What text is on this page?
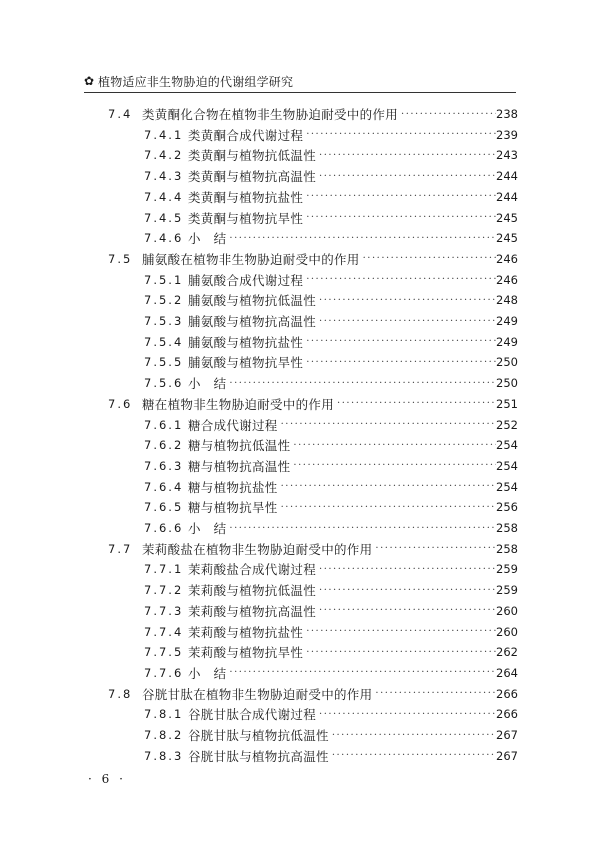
✿ 植物适应非生物胁迫的代谢组学研究
7.4 类黄酮化合物在植物非生物胁迫耐受中的作用 ·····	238
7.4.1 类黄酮合成代谢过程 ·····	239
7.4.2 类黄酮与植物抗低温性 ·····	243
7.4.3 类黄酮与植物抗高温性 ·····	244
7.4.4 类黄酮与植物抗盐性 ·····	244
7.4.5 类黄酮与植物抗旱性 ·····	245
7.4.6 小　结 ·····	245
7.5 脯氨酸在植物非生物胁迫耐受中的作用 ·····	246
7.5.1 脯氨酸合成代谢过程 ·····	246
7.5.2 脯氨酸与植物抗低温性 ·····	248
7.5.3 脯氨酸与植物抗高温性 ·····	249
7.5.4 脯氨酸与植物抗盐性 ·····	249
7.5.5 脯氨酸与植物抗旱性 ·····	250
7.5.6 小　结 ·····	250
7.6 糖在植物非生物胁迫耐受中的作用 ·····	251
7.6.1 糖合成代谢过程 ·····	252
7.6.2 糖与植物抗低温性 ·····	254
7.6.3 糖与植物抗高温性 ·····	254
7.6.4 糖与植物抗盐性 ·····	254
7.6.5 糖与植物抗旱性 ·····	256
7.6.6 小　结 ·····	258
7.7 茉莉酸盐在植物非生物胁迫耐受中的作用 ·····	258
7.7.1 茉莉酸盐合成代谢过程 ·····	259
7.7.2 茉莉酸与植物抗低温性 ·····	259
7.7.3 茉莉酸与植物抗高温性 ·····	260
7.7.4 茉莉酸与植物抗盐性 ·····	260
7.7.5 茉莉酸与植物抗旱性 ·····	262
7.7.6 小　结 ·····	264
7.8 谷胱甘肽在植物非生物胁迫耐受中的作用 ·····	266
7.8.1 谷胱甘肽合成代谢过程 ·····	266
7.8.2 谷胱甘肽与植物抗低温性 ·····	267
7.8.3 谷胱甘肽与植物抗高温性 ·····	267
· 6 ·
